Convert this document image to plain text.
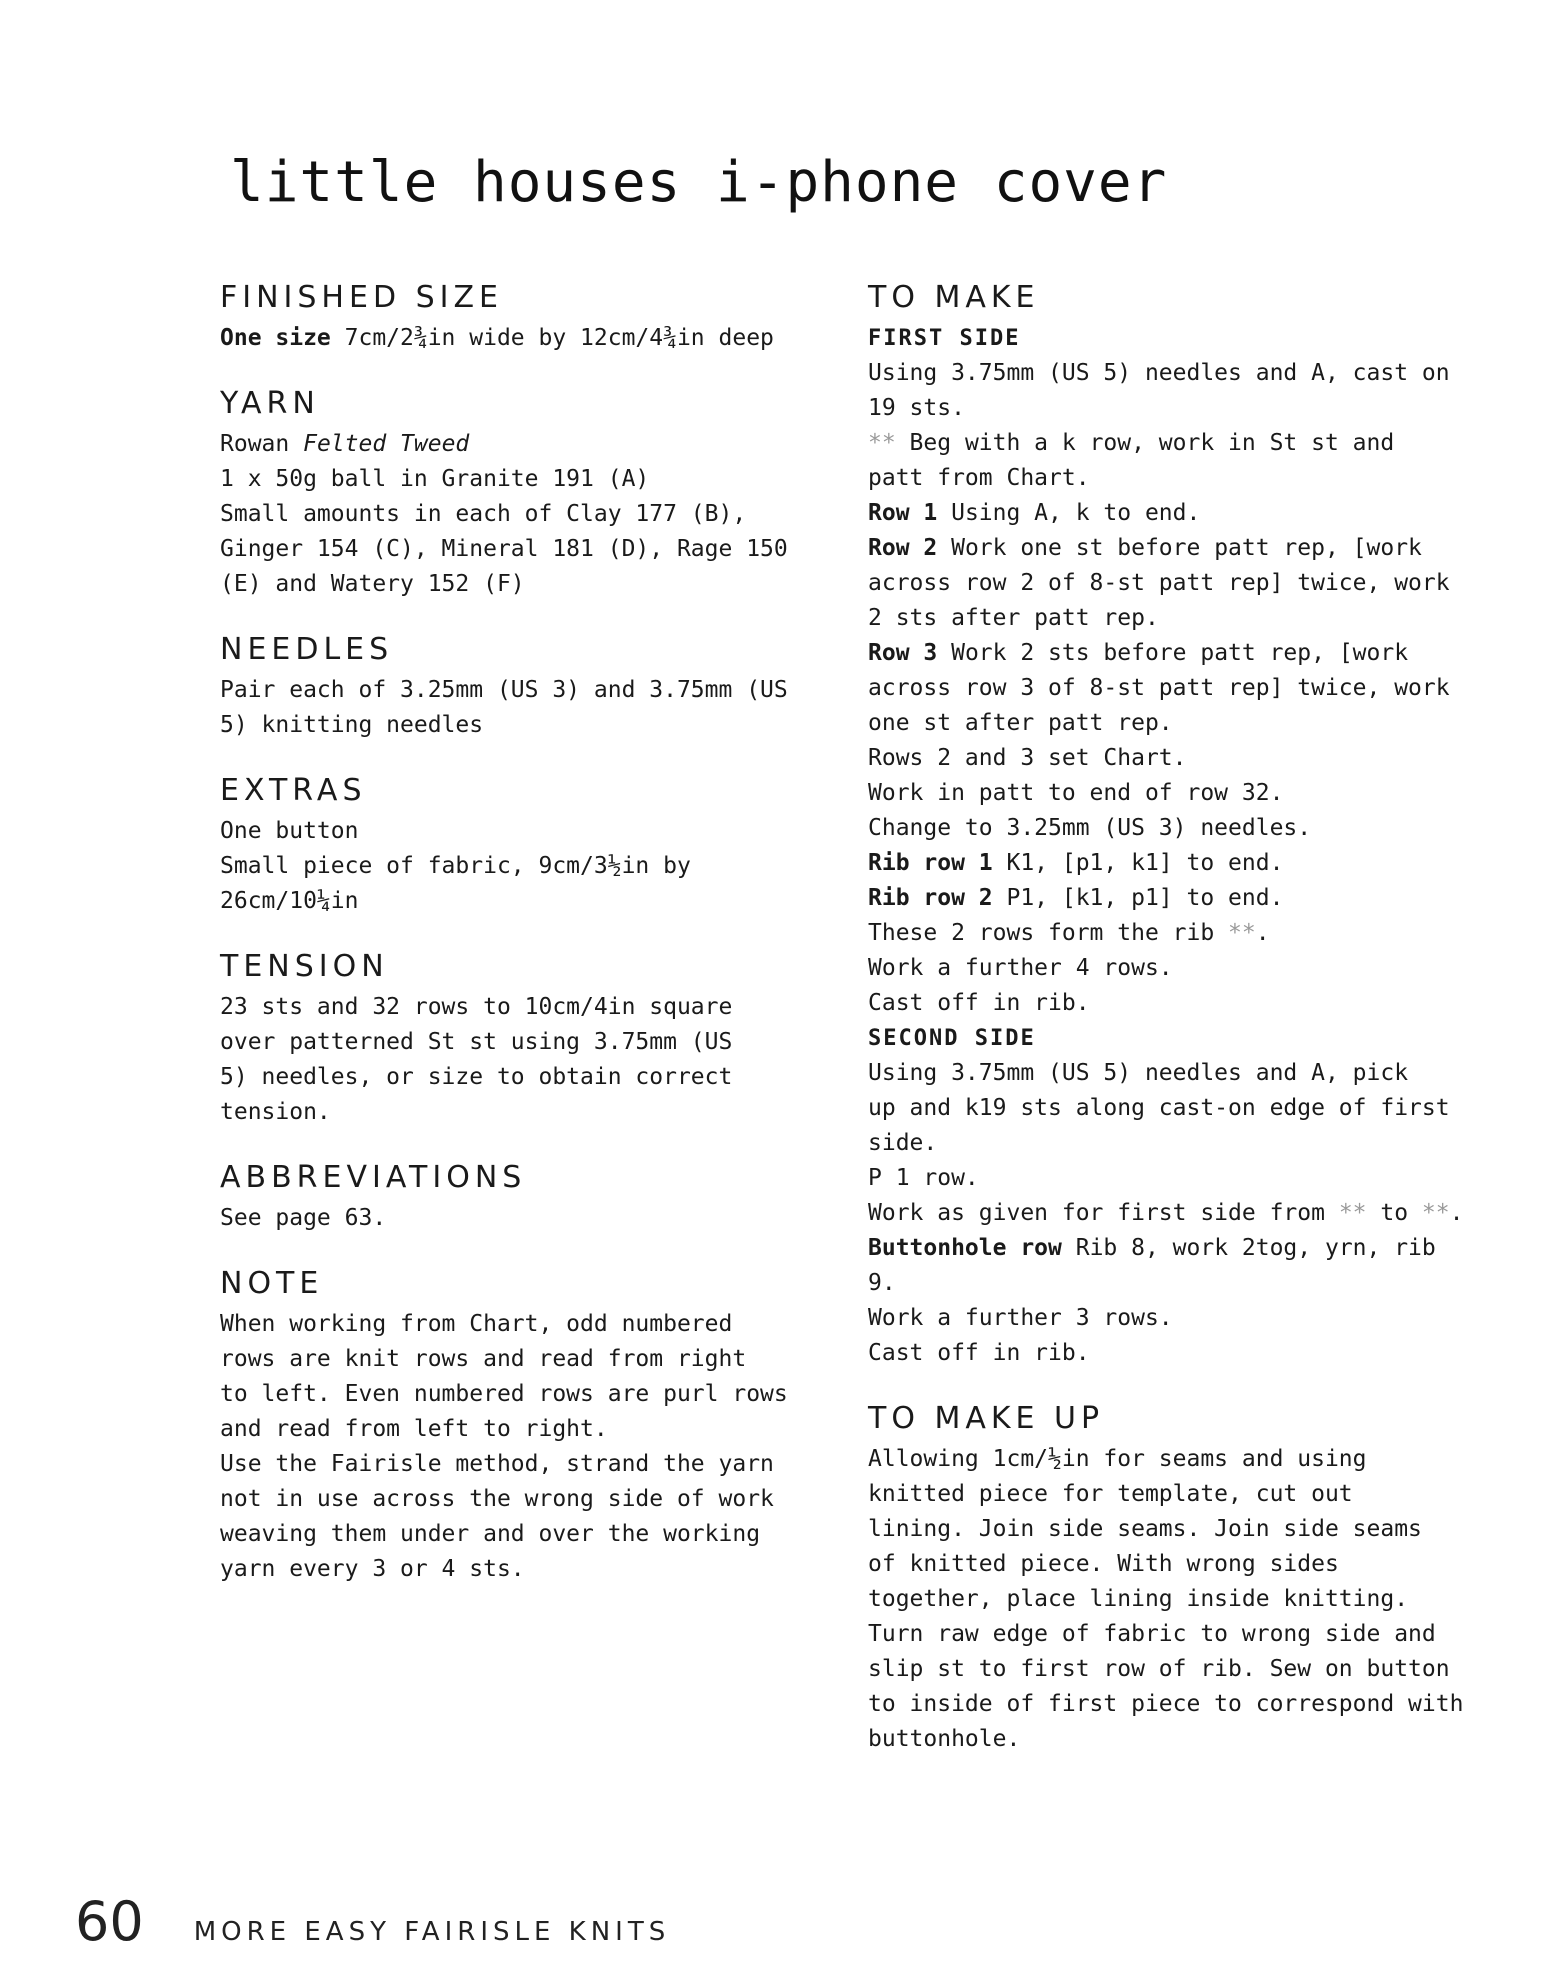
little houses i-phone cover
FINISHED SIZE
One size 7cm/2¾in wide by 12cm/4¾in deep
YARN
Rowan Felted Tweed
1 x 50g ball in Granite 191 (A)
Small amounts in each of Clay 177 (B),
Ginger 154 (C), Mineral 181 (D), Rage 150
(E) and Watery 152 (F)
NEEDLES
Pair each of 3.25mm (US 3) and 3.75mm (US
5) knitting needles
EXTRAS
One button
Small piece of fabric, 9cm/3½in by
26cm/10¼in
TENSION
23 sts and 32 rows to 10cm/4in square
over patterned St st using 3.75mm (US
5) needles, or size to obtain correct
tension.
ABBREVIATIONS
See page 63.
NOTE
When working from Chart, odd numbered
rows are knit rows and read from right
to left. Even numbered rows are purl rows
and read from left to right.
Use the Fairisle method, strand the yarn
not in use across the wrong side of work
weaving them under and over the working
yarn every 3 or 4 sts.
TO MAKE
FIRST SIDE
Using 3.75mm (US 5) needles and A, cast on
19 sts.
** Beg with a k row, work in St st and
patt from Chart.
Row 1 Using A, k to end.
Row 2 Work one st before patt rep, [work
across row 2 of 8-st patt rep] twice, work
2 sts after patt rep.
Row 3 Work 2 sts before patt rep, [work
across row 3 of 8-st patt rep] twice, work
one st after patt rep.
Rows 2 and 3 set Chart.
Work in patt to end of row 32.
Change to 3.25mm (US 3) needles.
Rib row 1 K1, [p1, k1] to end.
Rib row 2 P1, [k1, p1] to end.
These 2 rows form the rib **.
Work a further 4 rows.
Cast off in rib.
SECOND SIDE
Using 3.75mm (US 5) needles and A, pick
up and k19 sts along cast-on edge of first
side.
P 1 row.
Work as given for first side from ** to **.
Buttonhole row Rib 8, work 2tog, yrn, rib
9.
Work a further 3 rows.
Cast off in rib.
TO MAKE UP
Allowing 1cm/½in for seams and using
knitted piece for template, cut out
lining. Join side seams. Join side seams
of knitted piece. With wrong sides
together, place lining inside knitting.
Turn raw edge of fabric to wrong side and
slip st to first row of rib. Sew on button
to inside of first piece to correspond with
buttonhole.
60 MORE EASY FAIRISLE KNITS
